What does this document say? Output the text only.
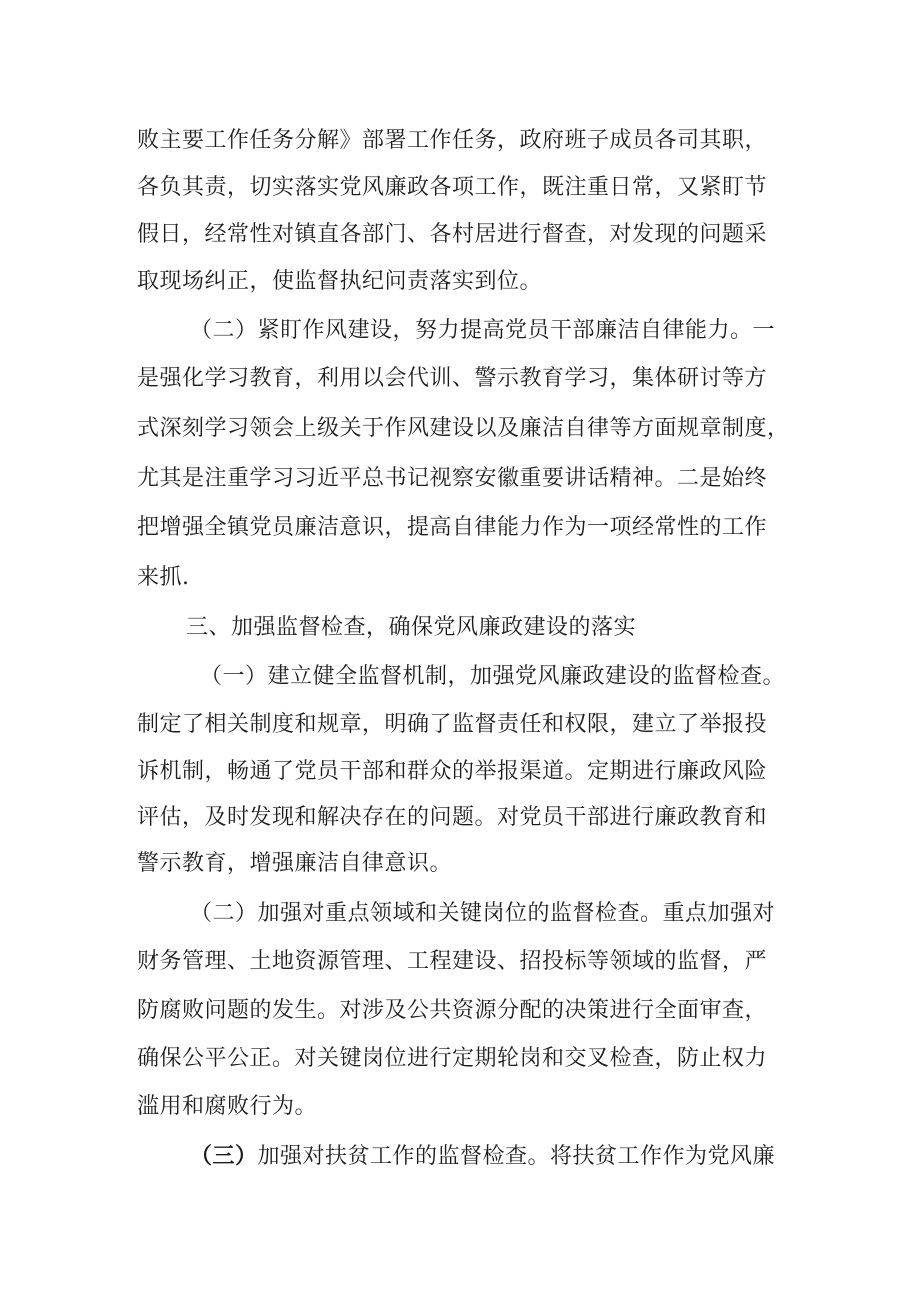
败主要工作任务分解》部署工作任务，政府班子成员各司其职，
各负其责，切实落实党风廉政各项工作，既注重日常，又紧盯节
假日，经常性对镇直各部门、各村居进行督查，对发现的问题采
取现场纠正，使监督执纪问责落实到位。
（二）紧盯作风建设，努力提高党员干部廉洁自律能力。一
是强化学习教育，利用以会代训、警示教育学习，集体研讨等方
式深刻学习领会上级关于作风建设以及廉洁自律等方面规章制度，
尤其是注重学习习近平总书记视察安徽重要讲话精神。二是始终
把增强全镇党员廉洁意识，提高自律能力作为一项经常性的工作
来抓.
三、加强监督检查，确保党风廉政建设的落实
（一）建立健全监督机制，加强党风廉政建设的监督检查。
制定了相关制度和规章，明确了监督责任和权限，建立了举报投
诉机制，畅通了党员干部和群众的举报渠道。定期进行廉政风险
评估，及时发现和解决存在的问题。对党员干部进行廉政教育和
警示教育，增强廉洁自律意识。
（二）加强对重点领域和关键岗位的监督检查。重点加强对
财务管理、土地资源管理、工程建设、招投标等领域的监督，严
防腐败问题的发生。对涉及公共资源分配的决策进行全面审查，
确保公平公正。对关键岗位进行定期轮岗和交叉检查，防止权力
滥用和腐败行为。
（三）加强对扶贫工作的监督检查。将扶贫工作作为党风廉
